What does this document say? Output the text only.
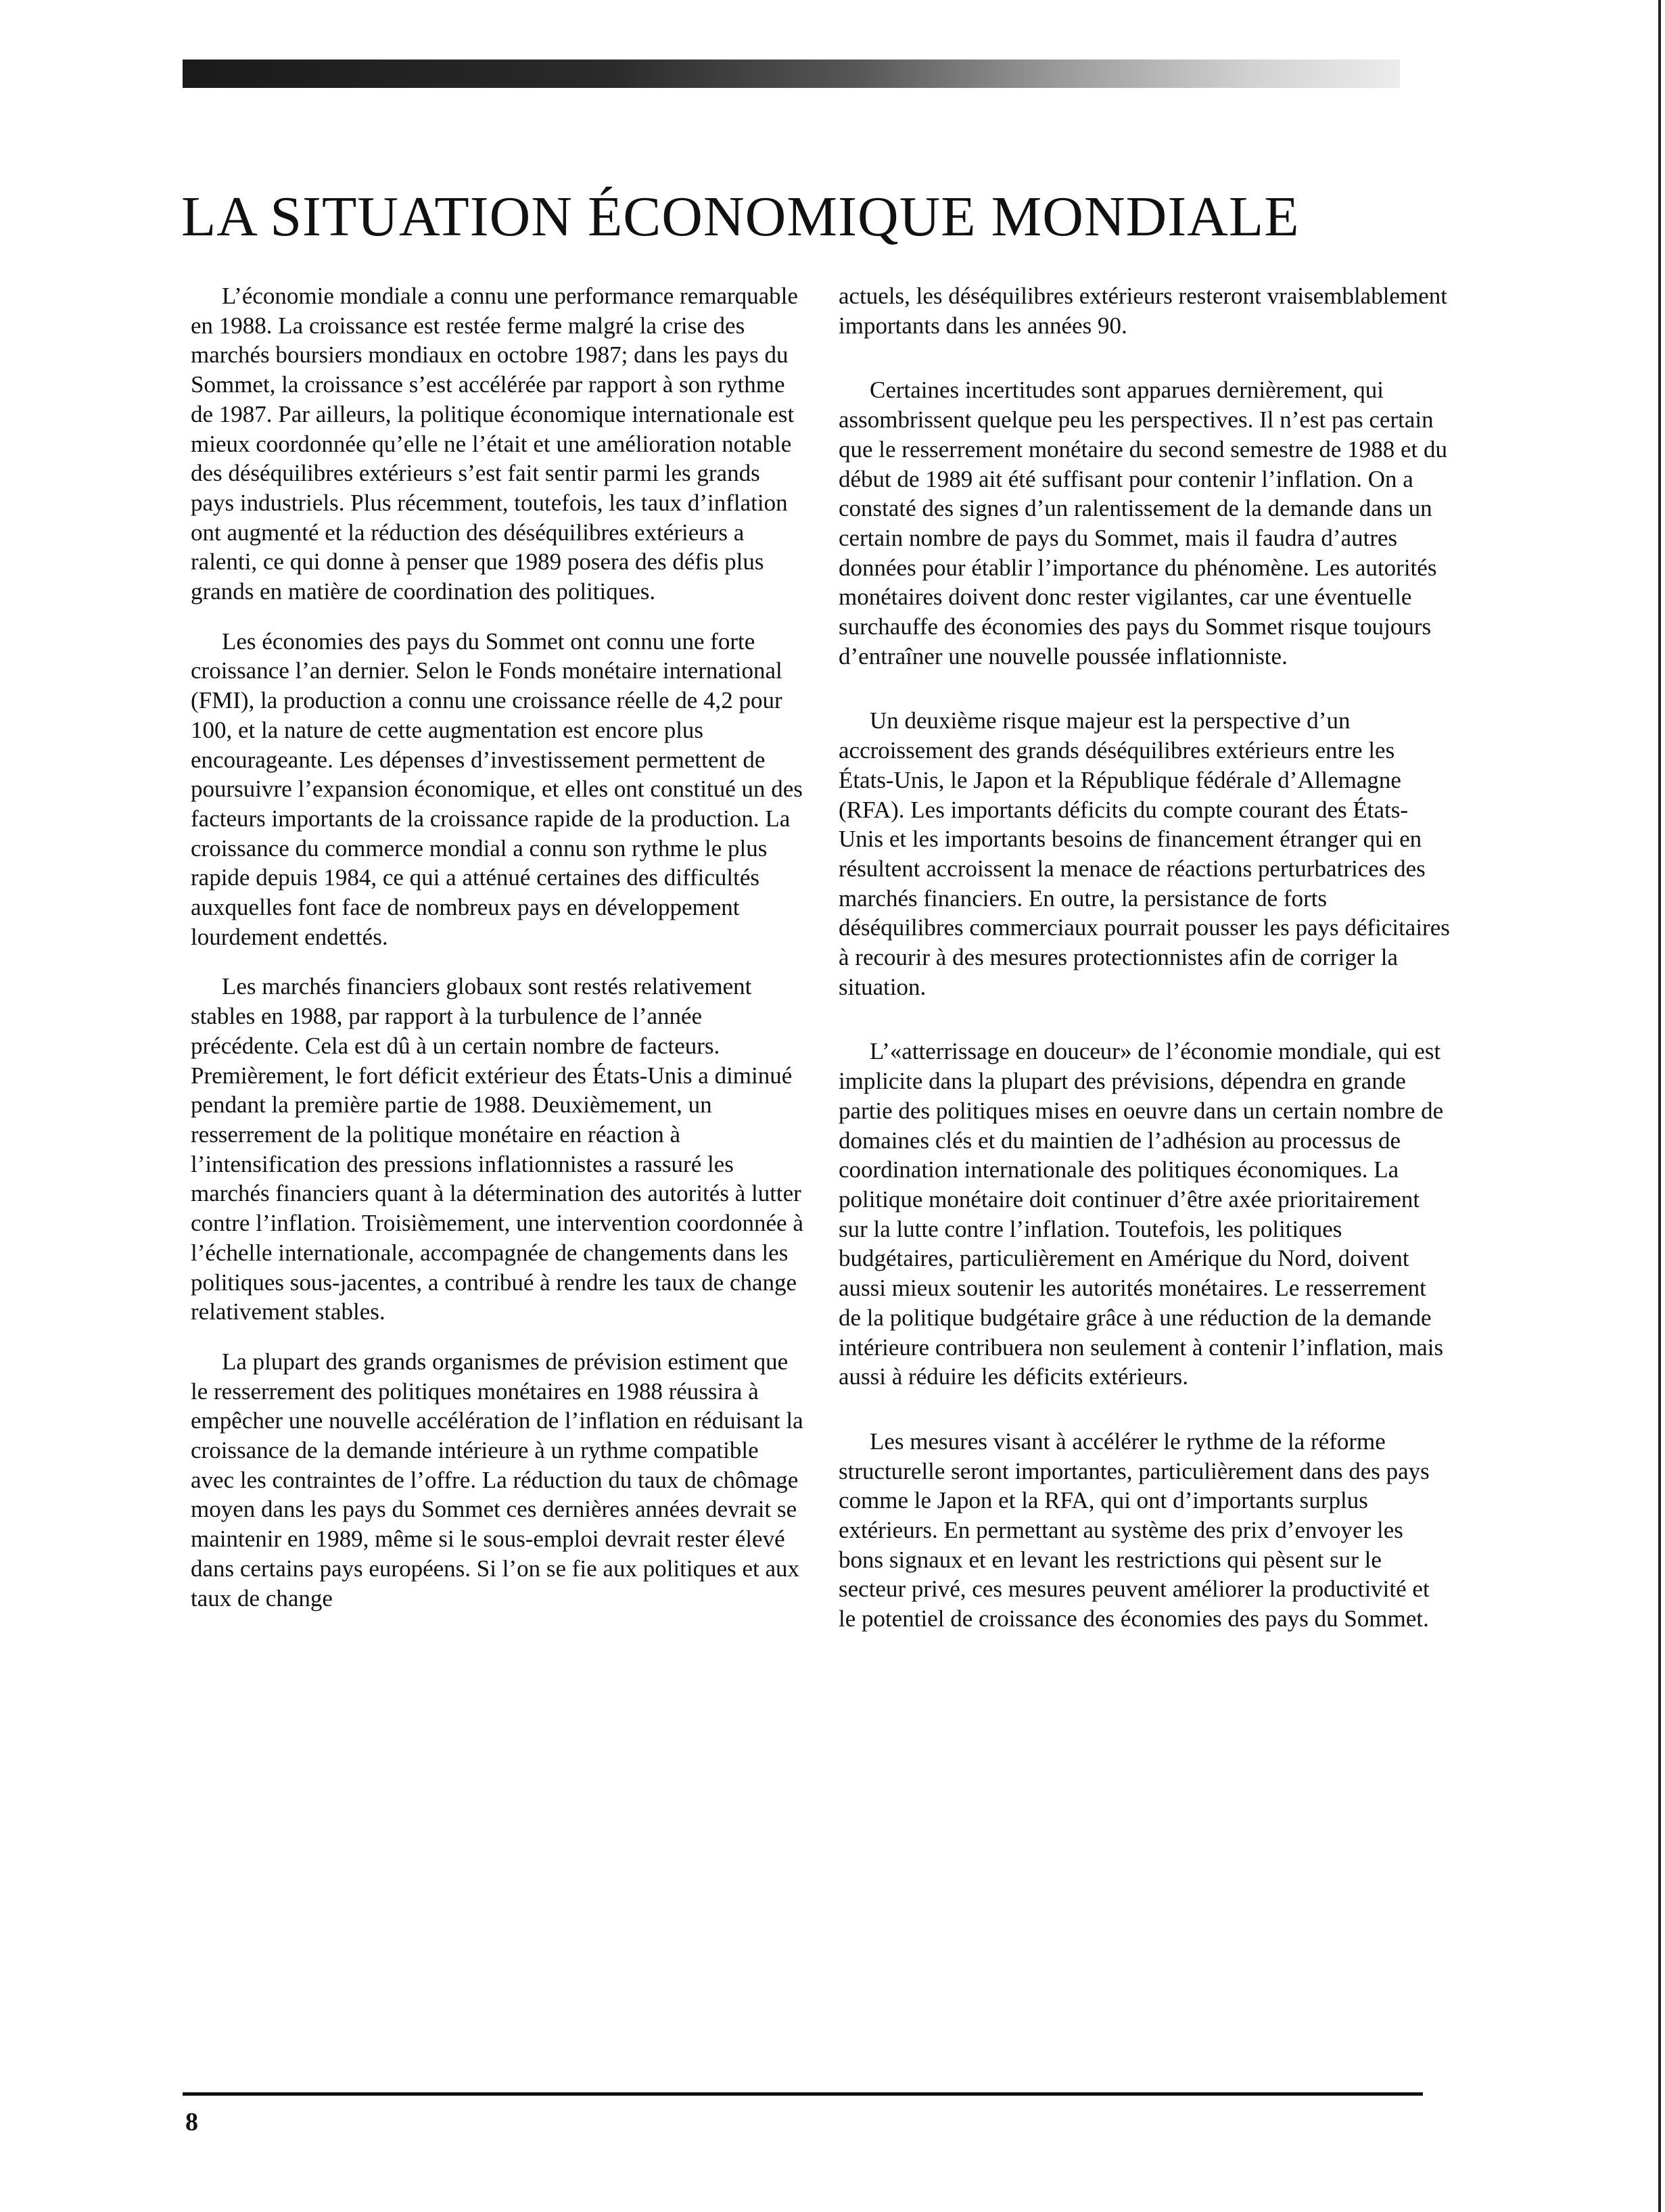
LA SITUATION ÉCONOMIQUE MONDIALE

L’économie mondiale a connu une performance remarquable en 1988. La croissance est restée ferme malgré la crise des marchés boursiers mondiaux en octobre 1987; dans les pays du Sommet, la croissance s’est accélérée par rapport à son rythme de 1987. Par ailleurs, la politique économique internationale est mieux coordonnée qu’elle ne l’était et une amélioration notable des déséquilibres extérieurs s’est fait sentir parmi les grands pays industriels. Plus récemment, toutefois, les taux d’inflation ont augmenté et la réduction des déséquilibres extérieurs a ralenti, ce qui donne à penser que 1989 posera des défis plus grands en matière de coordination des politiques.

Les économies des pays du Sommet ont connu une forte croissance l’an dernier. Selon le Fonds monétaire international (FMI), la production a connu une croissance réelle de 4,2 pour 100, et la nature de cette augmentation est encore plus encourageante. Les dépenses d’investissement permettent de poursuivre l’expansion économique, et elles ont constitué un des facteurs importants de la croissance rapide de la production. La croissance du commerce mondial a connu son rythme le plus rapide depuis 1984, ce qui a atténué certaines des difficultés auxquelles font face de nombreux pays en développement lourdement endettés.

Les marchés financiers globaux sont restés relativement stables en 1988, par rapport à la turbulence de l’année précédente. Cela est dû à un certain nombre de facteurs. Premièrement, le fort déficit extérieur des États-Unis a diminué pendant la première partie de 1988. Deuxièmement, un resserrement de la politique monétaire en réaction à l’intensification des pressions inflationnistes a rassuré les marchés financiers quant à la détermination des autorités à lutter contre l’inflation. Troisièmement, une intervention coordonnée à l’échelle internationale, accompagnée de changements dans les politiques sous-jacentes, a contribué à rendre les taux de change relativement stables.

La plupart des grands organismes de prévision estiment que le resserrement des politiques monétaires en 1988 réussira à empêcher une nouvelle accélération de l’inflation en réduisant la croissance de la demande intérieure à un rythme compatible avec les contraintes de l’offre. La réduction du taux de chômage moyen dans les pays du Sommet ces dernières années devrait se maintenir en 1989, même si le sous-emploi devrait rester élevé dans certains pays européens. Si l’on se fie aux politiques et aux taux de change

actuels, les déséquilibres extérieurs resteront vraisemblablement importants dans les années 90.

Certaines incertitudes sont apparues dernièrement, qui assombrissent quelque peu les perspectives. Il n’est pas certain que le resserrement monétaire du second semestre de 1988 et du début de 1989 ait été suffisant pour contenir l’inflation. On a constaté des signes d’un ralentissement de la demande dans un certain nombre de pays du Sommet, mais il faudra d’autres données pour établir l’importance du phénomène. Les autorités monétaires doivent donc rester vigilantes, car une éventuelle surchauffe des économies des pays du Sommet risque toujours d’entraîner une nouvelle poussée inflationniste.

Un deuxième risque majeur est la perspective d’un accroissement des grands déséquilibres extérieurs entre les États-Unis, le Japon et la République fédérale d’Allemagne (RFA). Les importants déficits du compte courant des États-Unis et les importants besoins de financement étranger qui en résultent accroissent la menace de réactions perturbatrices des marchés financiers. En outre, la persistance de forts déséquilibres commerciaux pourrait pousser les pays déficitaires à recourir à des mesures protectionnistes afin de corriger la situation.

L’«atterrissage en douceur» de l’économie mondiale, qui est implicite dans la plupart des prévisions, dépendra en grande partie des politiques mises en oeuvre dans un certain nombre de domaines clés et du maintien de l’adhésion au processus de coordination internationale des politiques économiques. La politique monétaire doit continuer d’être axée prioritairement sur la lutte contre l’inflation. Toutefois, les politiques budgétaires, particulièrement en Amérique du Nord, doivent aussi mieux soutenir les autorités monétaires. Le resserrement de la politique budgétaire grâce à une réduction de la demande intérieure contribuera non seulement à contenir l’inflation, mais aussi à réduire les déficits extérieurs.

Les mesures visant à accélérer le rythme de la réforme structurelle seront importantes, particulièrement dans des pays comme le Japon et la RFA, qui ont d’importants surplus extérieurs. En permettant au système des prix d’envoyer les bons signaux et en levant les restrictions qui pèsent sur le secteur privé, ces mesures peuvent améliorer la productivité et le potentiel de croissance des économies des pays du Sommet.

8
